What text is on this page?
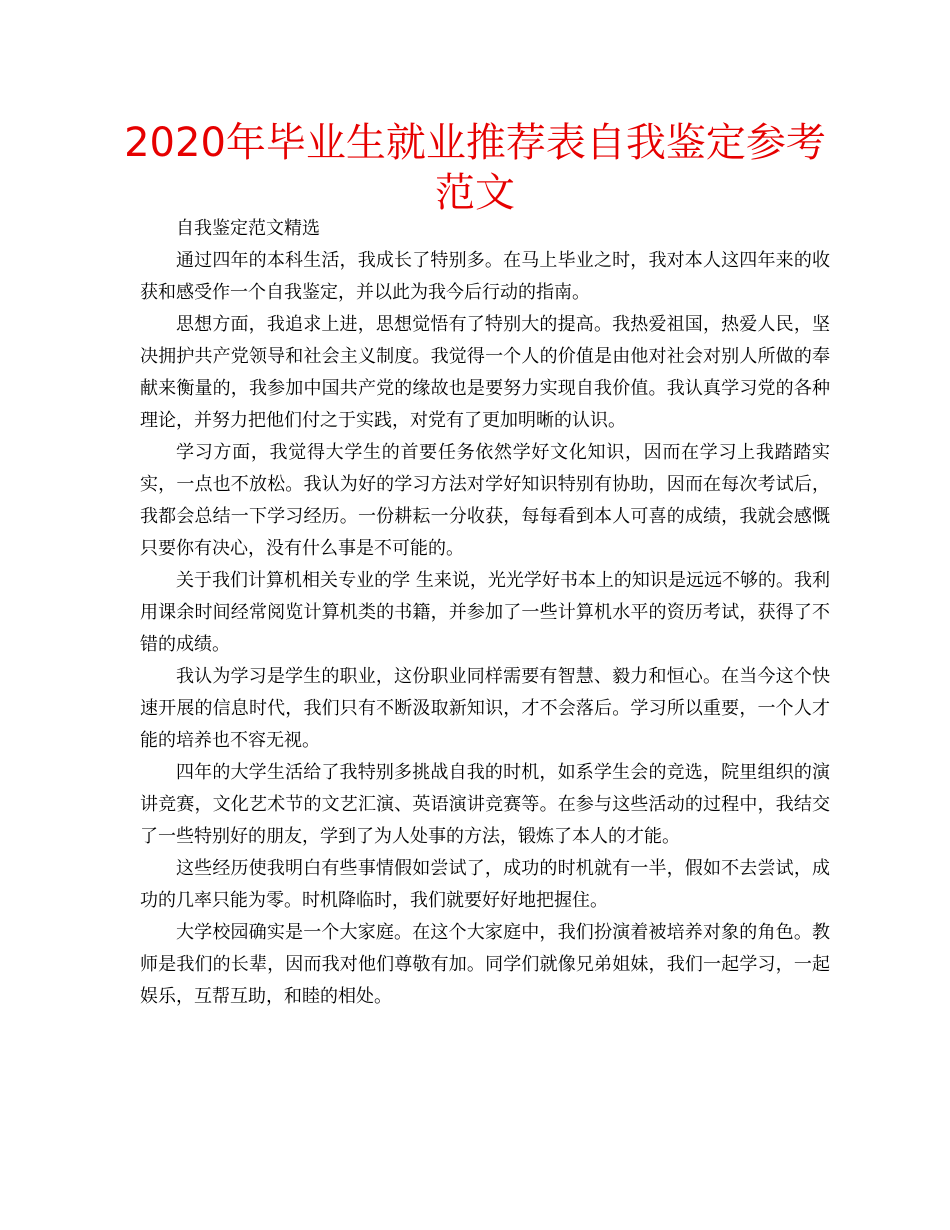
2020年毕业生就业推荐表自我鉴定参考范文

自我鉴定范文精选

通过四年的本科生活，我成长了特别多。在马上毕业之时，我对本人这四年来的收获和感受作一个自我鉴定，并以此为我今后行动的指南。

思想方面，我追求上进，思想觉悟有了特别大的提高。我热爱祖国，热爱人民，坚决拥护共产党领导和社会主义制度。我觉得一个人的价值是由他对社会对别人所做的奉献来衡量的，我参加中国共产党的缘故也是要努力实现自我价值。我认真学习党的各种理论，并努力把他们付之于实践，对党有了更加明晰的认识。

学习方面，我觉得大学生的首要任务依然学好文化知识，因而在学习上我踏踏实实，一点也不放松。我认为好的学习方法对学好知识特别有协助，因而在每次考试后，我都会总结一下学习经历。一份耕耘一分收获，每每看到本人可喜的成绩，我就会感慨只要你有决心，没有什么事是不可能的。

关于我们计算机相关专业的学 生来说，光光学好书本上的知识是远远不够的。我利用课余时间经常阅览计算机类的书籍，并参加了一些计算机水平的资历考试，获得了不错的成绩。

我认为学习是学生的职业，这份职业同样需要有智慧、毅力和恒心。在当今这个快速开展的信息时代，我们只有不断汲取新知识，才不会落后。学习所以重要，一个人才能的培养也不容无视。

四年的大学生活给了我特别多挑战自我的时机，如系学生会的竞选，院里组织的演讲竞赛，文化艺术节的文艺汇演、英语演讲竞赛等。在参与这些活动的过程中，我结交了一些特别好的朋友，学到了为人处事的方法，锻炼了本人的才能。

这些经历使我明白有些事情假如尝试了，成功的时机就有一半，假如不去尝试，成功的几率只能为零。时机降临时，我们就要好好地把握住。

大学校园确实是一个大家庭。在这个大家庭中，我们扮演着被培养对象的角色。教师是我们的长辈，因而我对他们尊敬有加。同学们就像兄弟姐妹，我们一起学习，一起娱乐，互帮互助，和睦的相处。
